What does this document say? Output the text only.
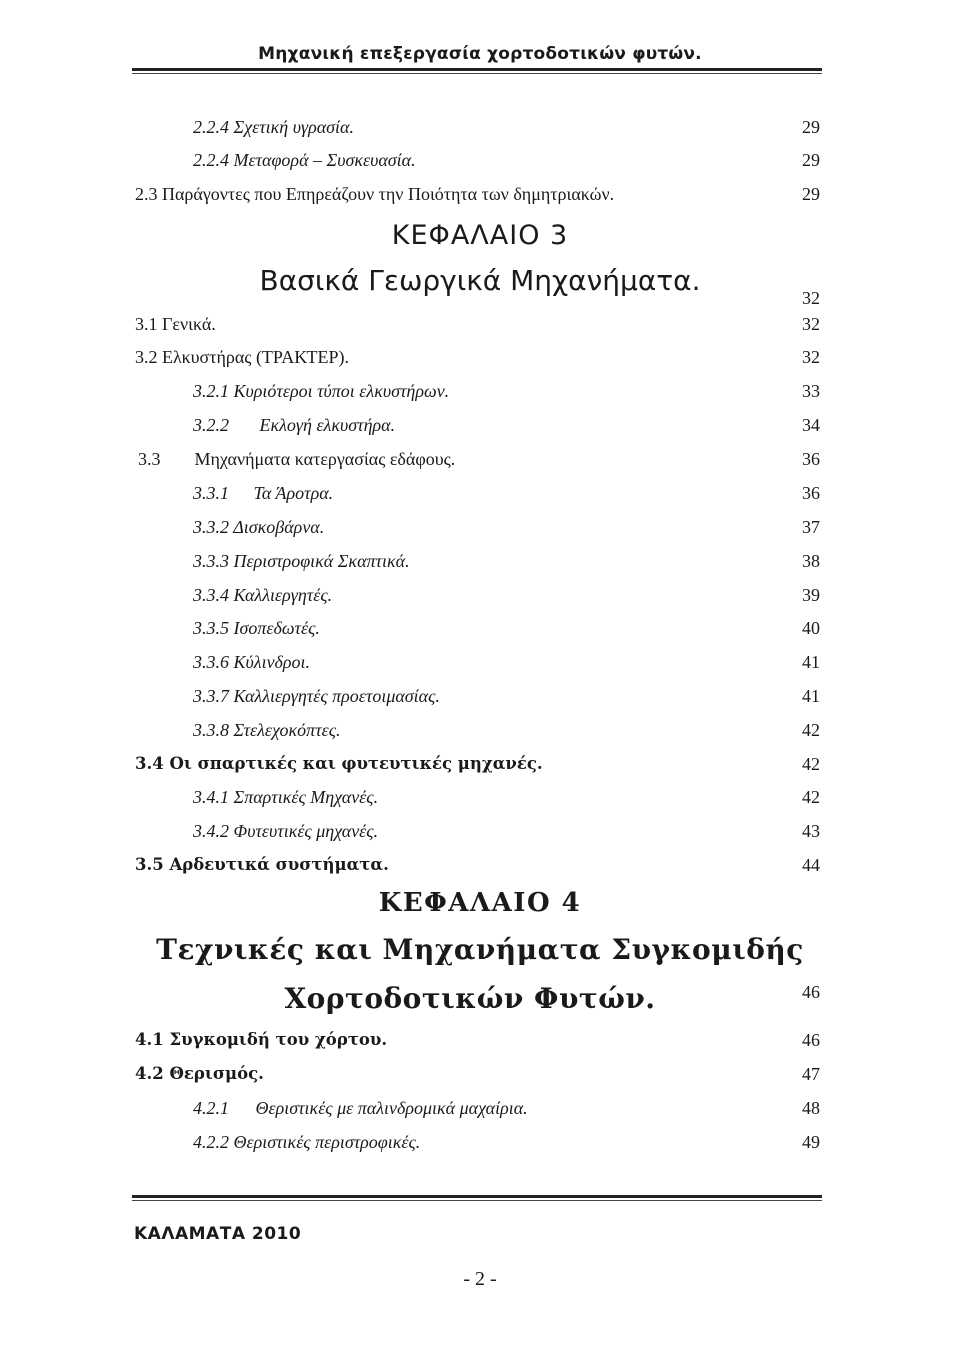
Μηχανική επεξεργασία χορτοδοτικών φυτών.
2.2.4 Σχετική υγρασία.	29
2.2.4 Μεταφορά – Συσκευασία.	29
2.3 Παράγοντες που Επηρεάζουν την Ποιότητα των δημητριακών.	29
ΚΕΦΑΛΑΙΟ 3
Βασικά Γεωργικά Μηχανήματα.
32
3.1 Γενικά.	32
3.2 Ελκυστήρας (ΤΡΑΚΤΕΡ).	32
3.2.1 Κυριότεροι τύποι ελκυστήρων.	33
3.2.2 Εκλογή ελκυστήρα.	34
3.3 Μηχανήματα κατεργασίας εδάφους.	36
3.3.1 Τα Άροτρα.	36
3.3.2 Δισκοβάρνα.	37
3.3.3 Περιστροφικά Σκαπτικά.	38
3.3.4 Καλλιεργητές.	39
3.3.5 Ισοπεδωτές.	40
3.3.6 Κύλινδροι.	41
3.3.7 Καλλιεργητές προετοιμασίας.	41
3.3.8 Στελεχοκόπτες.	42
3.4 Οι σπαρτικές και φυτευτικές μηχανές.	42
3.4.1 Σπαρτικές Μηχανές.	42
3.4.2 Φυτευτικές μηχανές.	43
3.5 Αρδευτικά συστήματα.	44
ΚΕΦΑΛΑΙΟ 4
Τεχνικές και Μηχανήματα Συγκομιδής
Χορτοδοτικών Φυτών.	46
4.1 Συγκομιδή του χόρτου.	46
4.2 Θερισμός.	47
4.2.1 Θεριστικές με παλινδρομικά μαχαίρια.	48
4.2.2 Θεριστικές περιστροφικές.	49
ΚΑΛΑΜΑΤΑ 2010
- 2 -
